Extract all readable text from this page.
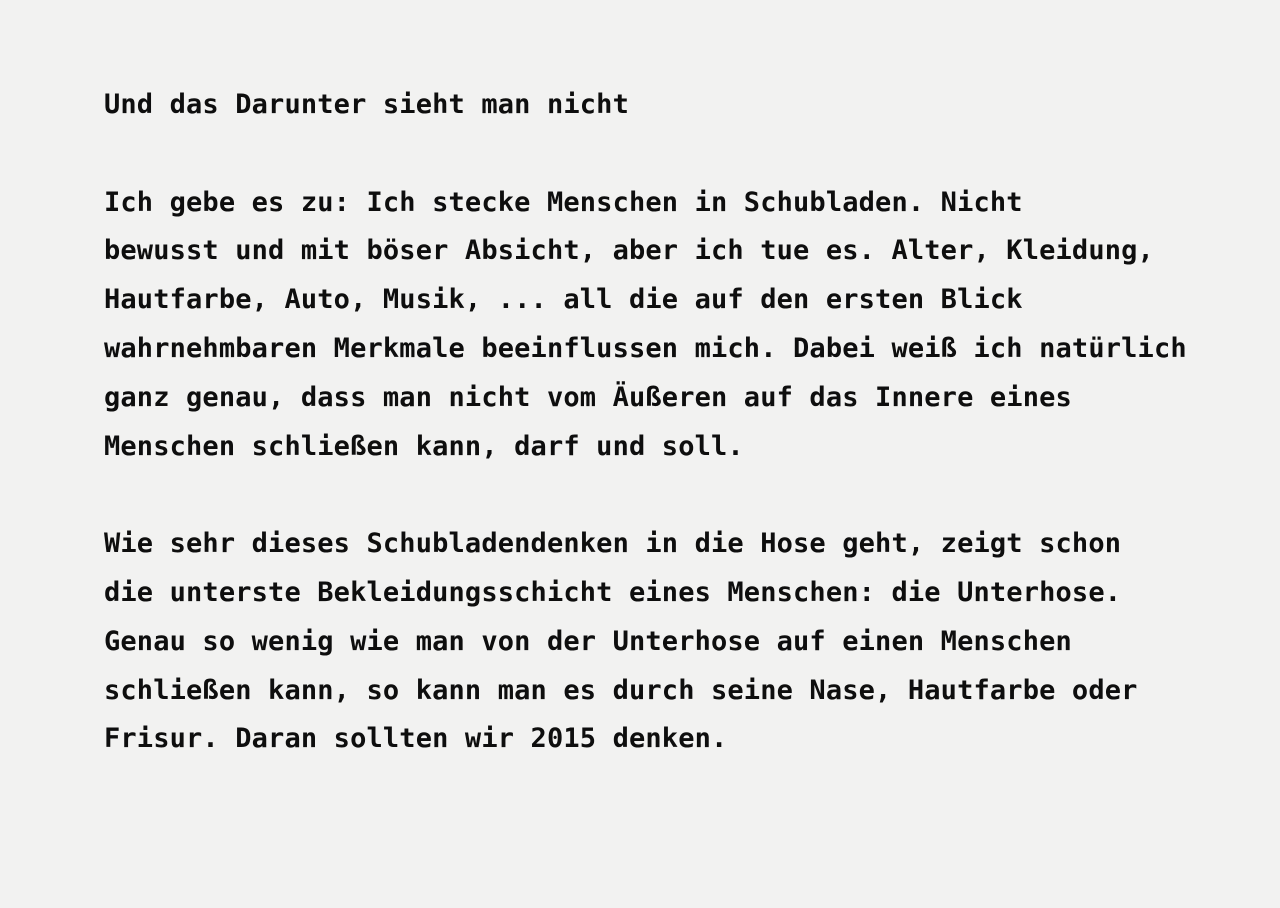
Und das Darunter sieht man nicht

Ich gebe es zu: Ich stecke Menschen in Schubladen. Nicht
bewusst und mit böser Absicht, aber ich tue es. Alter, Kleidung,
Hautfarbe, Auto, Musik, ... all die auf den ersten Blick
wahrnehmbaren Merkmale beeinflussen mich. Dabei weiß ich natürlich
ganz genau, dass man nicht vom Äußeren auf das Innere eines
Menschen schließen kann, darf und soll.

Wie sehr dieses Schubladendenken in die Hose geht, zeigt schon
die unterste Bekleidungsschicht eines Menschen: die Unterhose.
Genau so wenig wie man von der Unterhose auf einen Menschen
schließen kann, so kann man es durch seine Nase, Hautfarbe oder
Frisur. Daran sollten wir 2015 denken.
